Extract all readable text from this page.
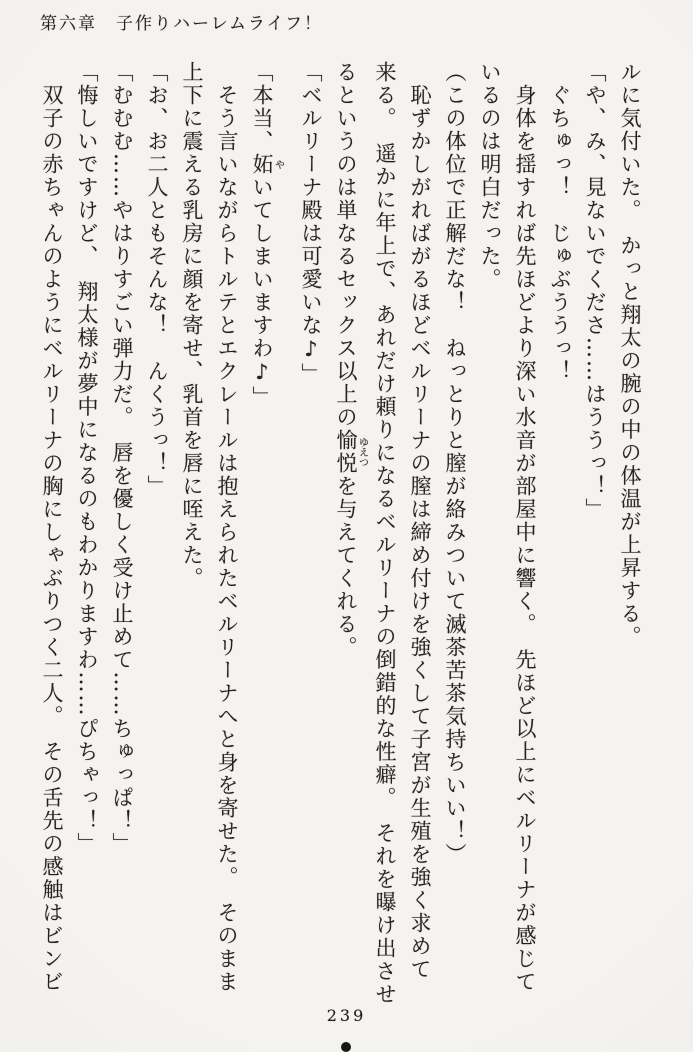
第六章　子作りハーレムライフ！

ルに気付いた。　かっと翔太の腕の中の体温が上昇する。

「や、み、見ないでくださ……はううっ！」

　ぐちゅっ！　じゅぶううっ！

　身体を揺すれば先ほどより深い水音が部屋中に響く。　先ほど以上にベルリーナが感じて

いるのは明白だった。

（この体位で正解だな！　ねっとりと膣が絡みついて滅茶苦茶気持ちいい！）

　恥ずかしがればがるほどベルリーナの膣は締め付けを強くして子宮が生殖を強く求めて

来る。　遥かに年上で、あれだけ頼りになるベルリーナの倒錯的な性癖。　それを曝け出させ

るというのは単なるセックス以上の愉悦ゆえつを与えてくれる。

「ベルリーナ殿は可愛いな♪」

「本当、妬やいてしまいますわ♪」

　そう言いながらトルテとエクレールは抱えられたベルリーナへと身を寄せた。　そのまま

上下に震える乳房に顔を寄せ、乳首を唇に咥えた。

「お、お二人ともそんな！　んくうっ！」

「むむむ……やはりすごい弾力だ。　唇を優しく受け止めて……ちゅっぱ！」

「悔しいですけど、　翔太様が夢中になるのもわかりますわ……ぴちゃっ！」

　双子の赤ちゃんのようにベルリーナの胸にしゃぶりつく二人。　その舌先の感触はビンビ

239
